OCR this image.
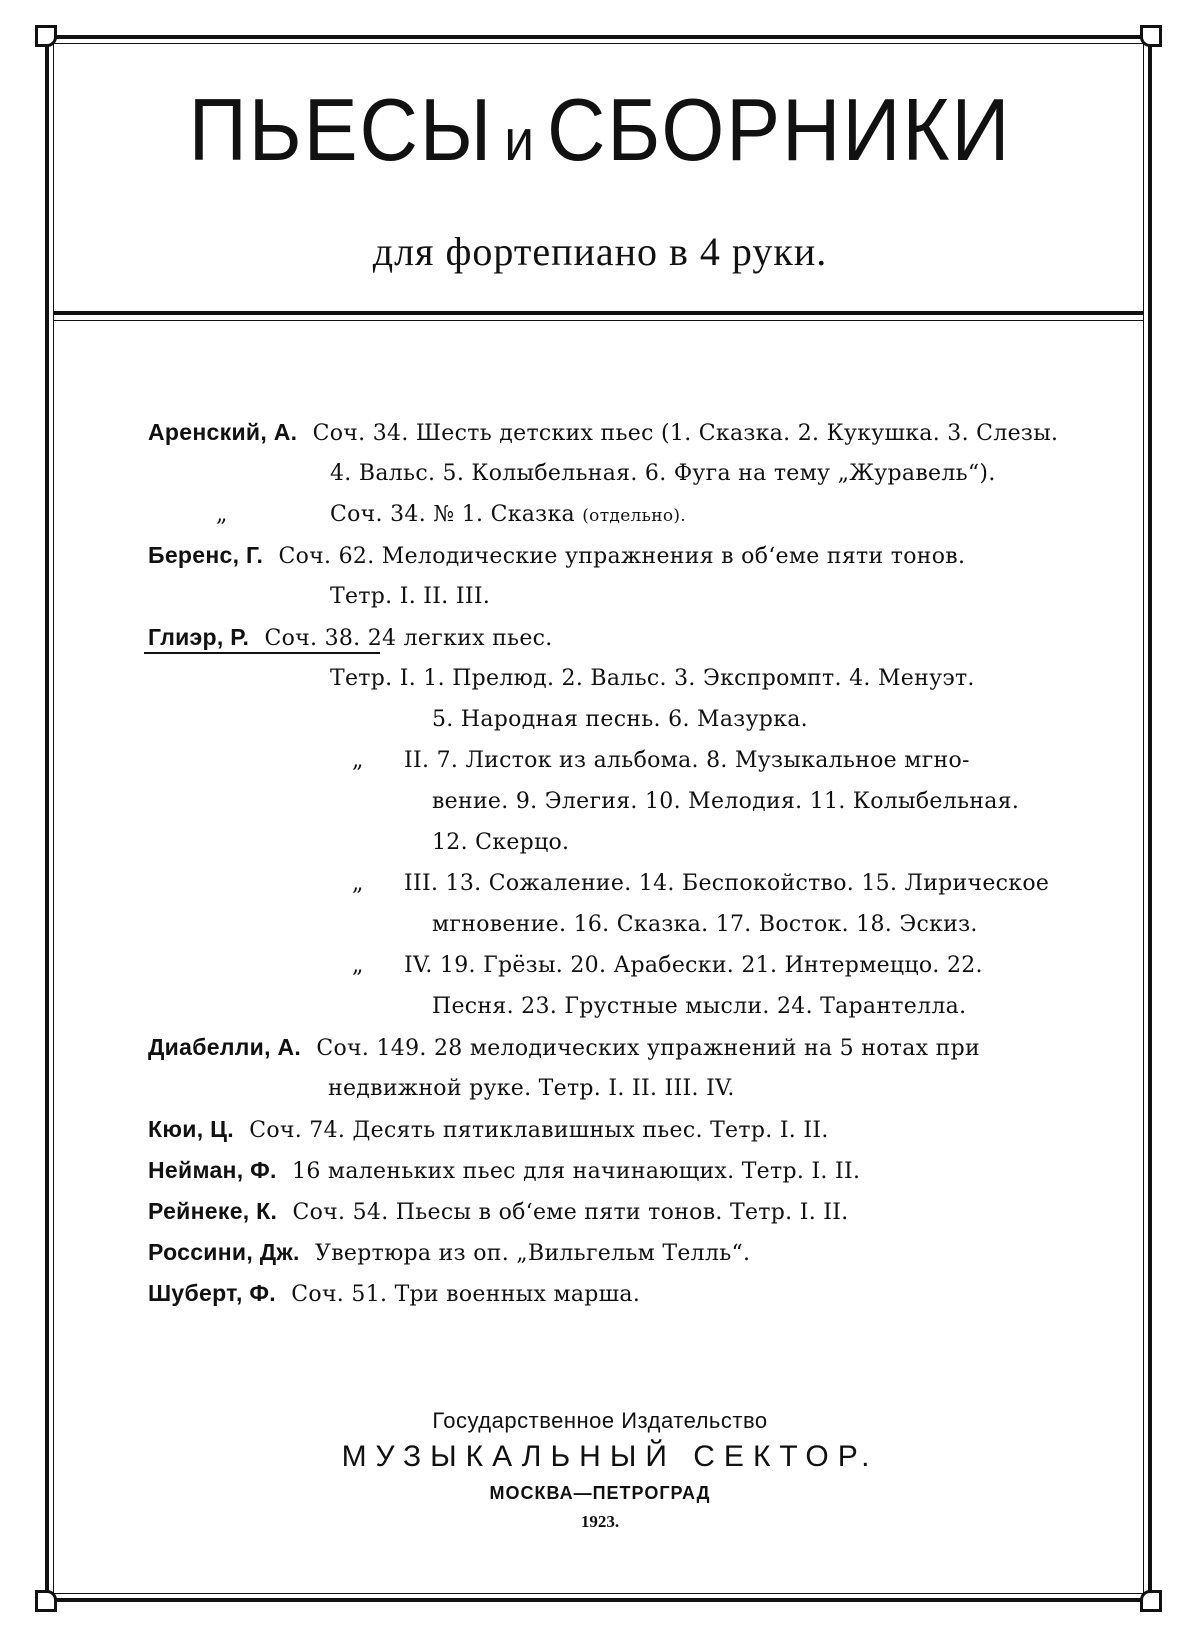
ПЬЕСЫ и СБОРНИКИ
для фортепиано в 4 руки.
Аренский, А. Соч. 34. Шесть детских пьес (1. Сказка. 2. Кукушка. 3. Слезы.
4. Вальс. 5. Колыбельная. 6. Фуга на тему „Журавель“).
„	Соч. 34. № 1. Сказка (отдельно).
Беренс, Г. Соч. 62. Мелодические упражнения в об‘еме пяти тонов.
Тетр. I. II. III.
Глиэр, Р. Соч. 38. 24 легких пьес.
Тетр. I. 1. Прелюд. 2. Вальс. 3. Экспромпт. 4. Менуэт.
5. Народная песнь. 6. Мазурка.
„ II. 7. Листок из альбома. 8. Музыкальное мгно-
вение. 9. Элегия. 10. Мелодия. 11. Колыбельная.
12. Скерцо.
„ III. 13. Сожаление. 14. Беспокойство. 15. Лирическое
мгновение. 16. Сказка. 17. Восток. 18. Эскиз.
„ IV. 19. Грёзы. 20. Арабески. 21. Интермеццо. 22.
Песня. 23. Грустные мысли. 24. Тарантелла.
Диабелли, А. Соч. 149. 28 мелодических упражнений на 5 нотах при
недвижной руке. Тетр. I. II. III. IV.
Кюи, Ц. Соч. 74. Десять пятиклавишных пьес. Тетр. I. II.
Нейман, Ф. 16 маленьких пьес для начинающих. Тетр. I. II.
Рейнеке, К. Соч. 54. Пьесы в об‘еме пяти тонов. Тетр. I. II.
Россини, Дж. Увертюра из оп. „Вильгельм Телль“.
Шуберт, Ф. Соч. 51. Три военных марша.
Государственное Издательство
МУЗЫКАЛЬНЫЙ СЕКТОР.
МОСКВА—ПЕТРОГРАД
1923.
